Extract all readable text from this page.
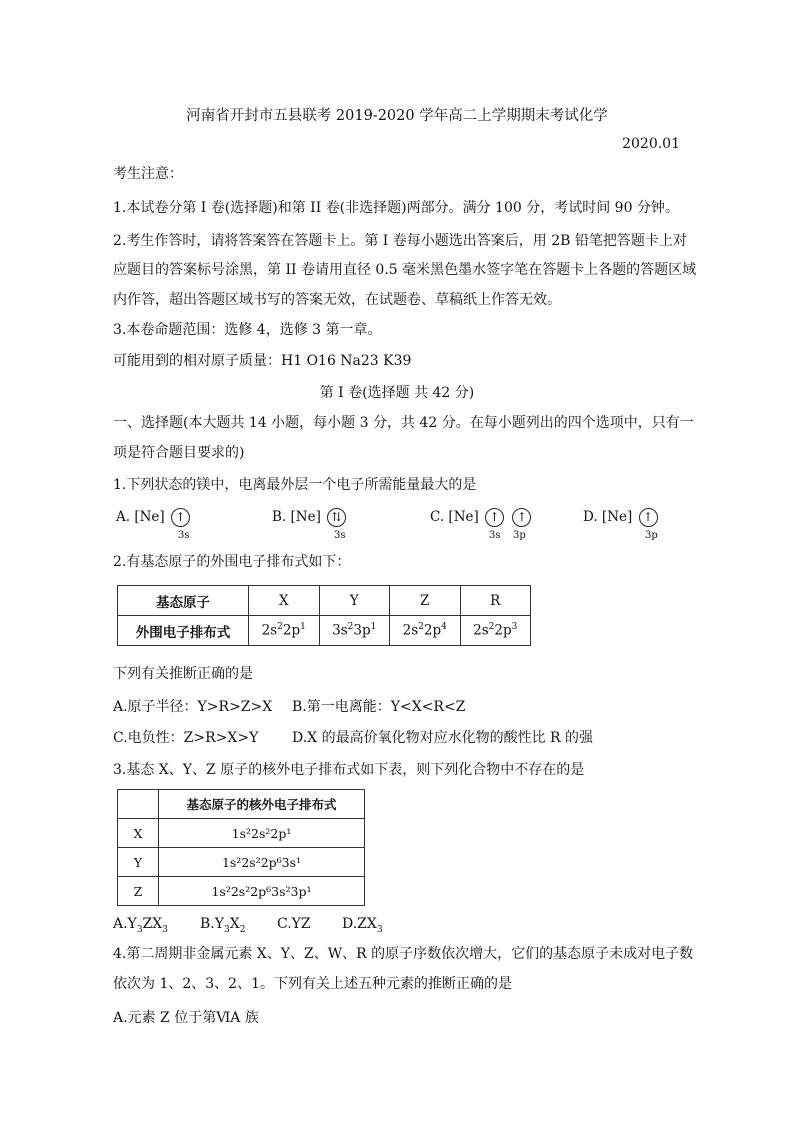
河南省开封市五县联考 2019-2020 学年高二上学期期末考试化学
2020.01
考生注意：
1.本试卷分第 I 卷(选择题)和第 II 卷(非选择题)两部分。满分 100 分，考试时间 90 分钟。
2.考生作答时，请将答案答在答题卡上。第 I 卷每小题选出答案后，用 2B 铅笔把答题卡上对
应题目的答案标号涂黑，第 II 卷请用直径 0.5 毫米黑色墨水签字笔在答题卡上各题的答题区域
内作答，超出答题区域书写的答案无效，在试题卷、草稿纸上作答无效。
3.本卷命题范围：选修 4，选修 3 第一章。
可能用到的相对原子质量：H1 O16 Na23 K39
第 I 卷(选择题 共 42 分)
一、选择题(本大题共 14 小题，每小题 3 分，共 42 分。在每小题列出的四个选项中，只有一
项是符合题目要求的)
1.下列状态的镁中，电离最外层一个电子所需能量最大的是
A. [Ne] ↑
3s
B. [Ne] ⇅
3s
C. [Ne] ↑ ↑
3s 3p
D. [Ne] ↑
3p
2.有基态原子的外围电子排布式如下：
基态原子	X	Y	Z	R
外围电子排布式	$2s^22p^1$	$3s^23p^1$	$2s^22p^4$	$2s^22p^3$
下列有关推断正确的是
A.原子半径：Y>R>Z>X B.第一电离能：Y<X<R<Z
C.电负性：Z>R>X>Y D.X 的最高价氧化物对应水化物的酸性比 R 的强
3.基态 X、Y、Z 原子的核外电子排布式如下表，则下列化合物中不存在的是
	基态原子的核外电子排布式
X	1s²2s²2p¹
Y	1s²2s²2p⁶3s¹
Z	1s²2s²2p⁶3s²3p¹
$A.Y_3ZX_3$ $B.Y_3X_2$ C.YZ $D.ZX_3$
4.第二周期非金属元素 X、Y、Z、W、R 的原子序数依次增大，它们的基态原子未成对电子数
依次为 1、2、3、2、1。下列有关上述五种元素的推断正确的是
A.元素 Z 位于第ⅥA 族
